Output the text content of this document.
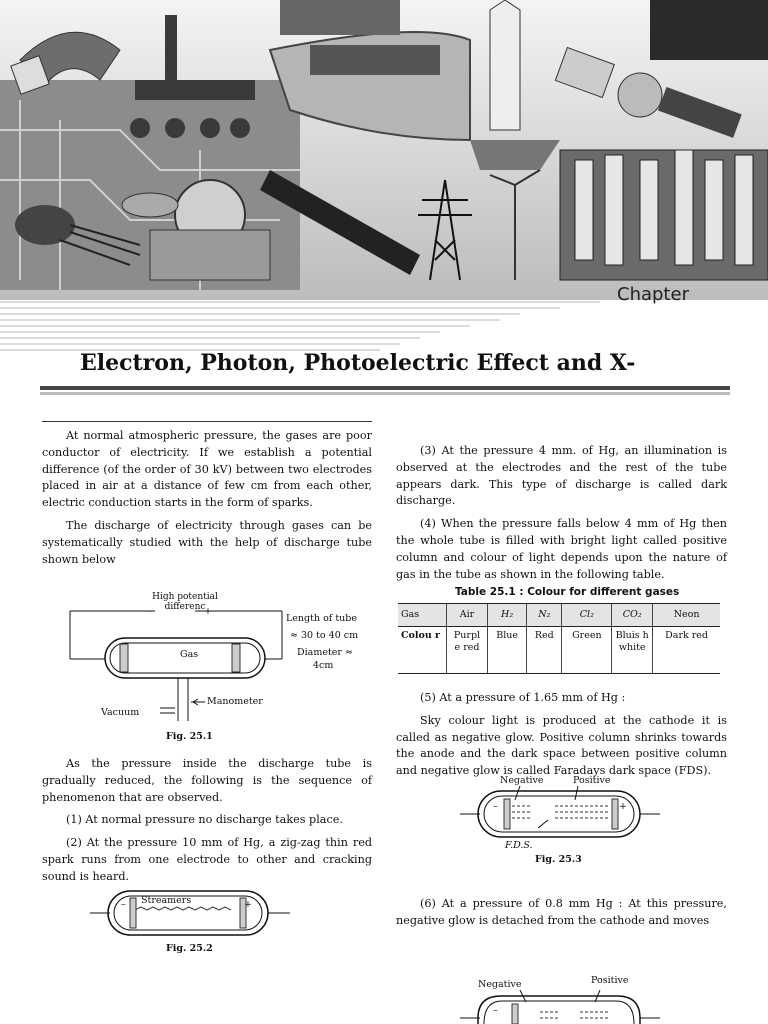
Chapter
Electron, Photon, Photoelectric Effect and X-

At normal atmospheric pressure, the gases are poor conductor of electricity. If we establish a potential difference (of the order of 30 kV) between two electrodes placed in air at a distance of few cm from each other, electric conduction starts in the form of sparks.

The discharge of electricity through gases can be systematically studied with the help of discharge tube shown below

High potential differenc
–	+
Gas
Length of tube
≈ 30 to 40 cm
Diameter ≈
4cm
Manometer
Vacuum
Fig. 25.1

As the pressure inside the discharge tube is gradually reduced, the following is the sequence of phenomenon that are observed.

(1) At normal pressure no discharge takes place.

(2) At the pressure 10 mm of Hg, a zig-zag thin red spark runs from one electrode to other and cracking sound is heard.

Streamers
–	+
Fig. 25.2

(3) At the pressure 4 mm. of Hg, an illumination is observed at the electrodes and the rest of the tube appears dark. This type of discharge is called dark discharge.

(4) When the pressure falls below 4 mm of Hg then the whole tube is filled with bright light called positive column and colour of light depends upon the nature of gas in the tube as shown in the following table.

Table 25.1 : Colour for different gases
Gas	Air	H₂	N₂	Cl₂	CO₂	Neon
Colou r	Purpl e red	Blue	Red	Green	Bluis h white	Dark red

(5) At a pressure of 1.65 mm of Hg :

Sky colour light is produced at the cathode it is called as negative glow. Positive column shrinks towards the anode and the dark space between positive column and negative glow is called Faradays dark space (FDS).

Negative	Positive
–	+
F.D.S.
Fig. 25.3

(6) At a pressure of 0.8 mm Hg : At this pressure, negative glow is detached from the cathode and moves

Negative	Positive
–
